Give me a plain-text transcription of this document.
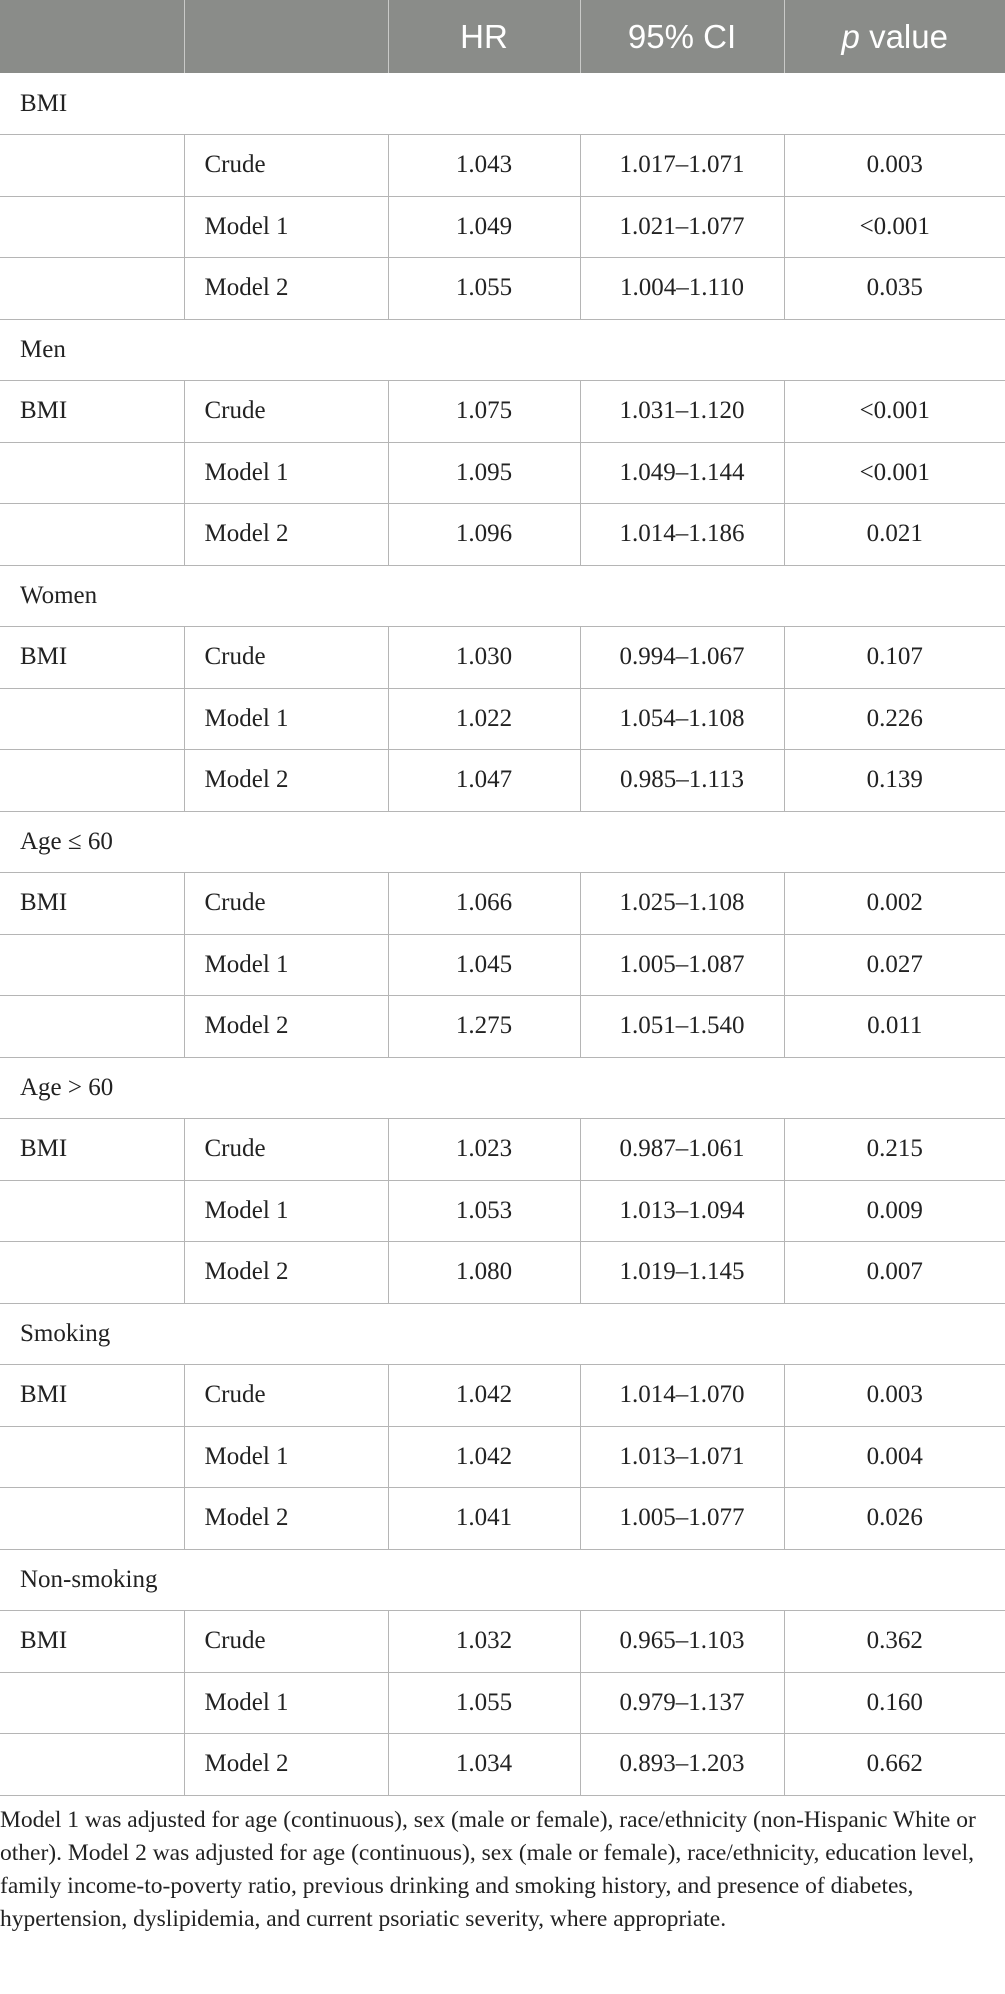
		HR	95% CI	p value
BMI				
	Crude	1.043	1.017–1.071	0.003
	Model 1	1.049	1.021–1.077	<0.001
	Model 2	1.055	1.004–1.110	0.035
Men				
BMI	Crude	1.075	1.031–1.120	<0.001
	Model 1	1.095	1.049–1.144	<0.001
	Model 2	1.096	1.014–1.186	0.021
Women				
BMI	Crude	1.030	0.994–1.067	0.107
	Model 1	1.022	1.054–1.108	0.226
	Model 2	1.047	0.985–1.113	0.139
Age ≤ 60				
BMI	Crude	1.066	1.025–1.108	0.002
	Model 1	1.045	1.005–1.087	0.027
	Model 2	1.275	1.051–1.540	0.011
Age > 60				
BMI	Crude	1.023	0.987–1.061	0.215
	Model 1	1.053	1.013–1.094	0.009
	Model 2	1.080	1.019–1.145	0.007
Smoking				
BMI	Crude	1.042	1.014–1.070	0.003
	Model 1	1.042	1.013–1.071	0.004
	Model 2	1.041	1.005–1.077	0.026
Non-smoking				
BMI	Crude	1.032	0.965–1.103	0.362
	Model 1	1.055	0.979–1.137	0.160
	Model 2	1.034	0.893–1.203	0.662

Model 1 was adjusted for age (continuous), sex (male or female), race/ethnicity (non-Hispanic White or other). Model 2 was adjusted for age (continuous), sex (male or female), race/ethnicity, education level, family income-to-poverty ratio, previous drinking and smoking history, and presence of diabetes, hypertension, dyslipidemia, and current psoriatic severity, where appropriate.
